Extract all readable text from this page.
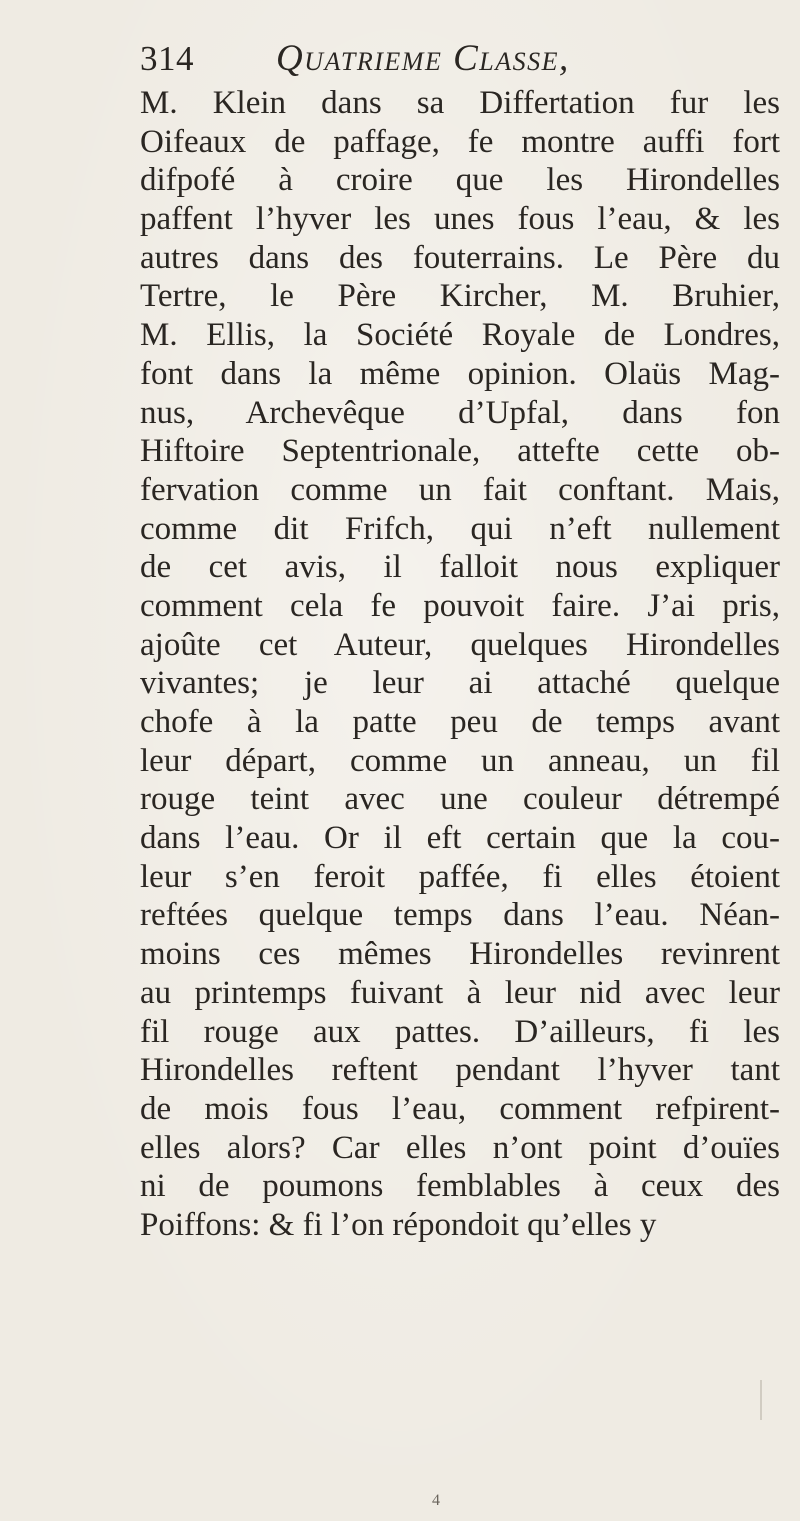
314 Quatrieme Classe,
M. Klein dans sa Differtation fur les
Oifeaux de paffage, fe montre auffi fort
difpofé à croire que les Hirondelles
paffent l’hyver les unes fous l’eau, & les
autres dans des fouterrains. Le Père du
Tertre, le Père Kircher, M. Bruhier,
M. Ellis, la Société Royale de Londres,
font dans la même opinion. Olaüs Mag-
nus, Archevêque d’Upfal, dans fon
Hiftoire Septentrionale, attefte cette ob-
fervation comme un fait conftant. Mais,
comme dit Frifch, qui n’eft nullement
de cet avis, il falloit nous expliquer
comment cela fe pouvoit faire. J’ai pris,
ajoûte cet Auteur, quelques Hirondelles
vivantes; je leur ai attaché quelque
chofe à la patte peu de temps avant
leur départ, comme un anneau, un fil
rouge teint avec une couleur détrempé
dans l’eau. Or il eft certain que la cou-
leur s’en feroit paffée, fi elles étoient
reftées quelque temps dans l’eau. Néan-
moins ces mêmes Hirondelles revinrent
au printemps fuivant à leur nid avec leur
fil rouge aux pattes. D’ailleurs, fi les
Hirondelles reftent pendant l’hyver tant
de mois fous l’eau, comment refpirent-
elles alors? Car elles n’ont point d’ouïes
ni de poumons femblables à ceux des
Poiffons: & fi l’on répondoit qu’elles y
4
